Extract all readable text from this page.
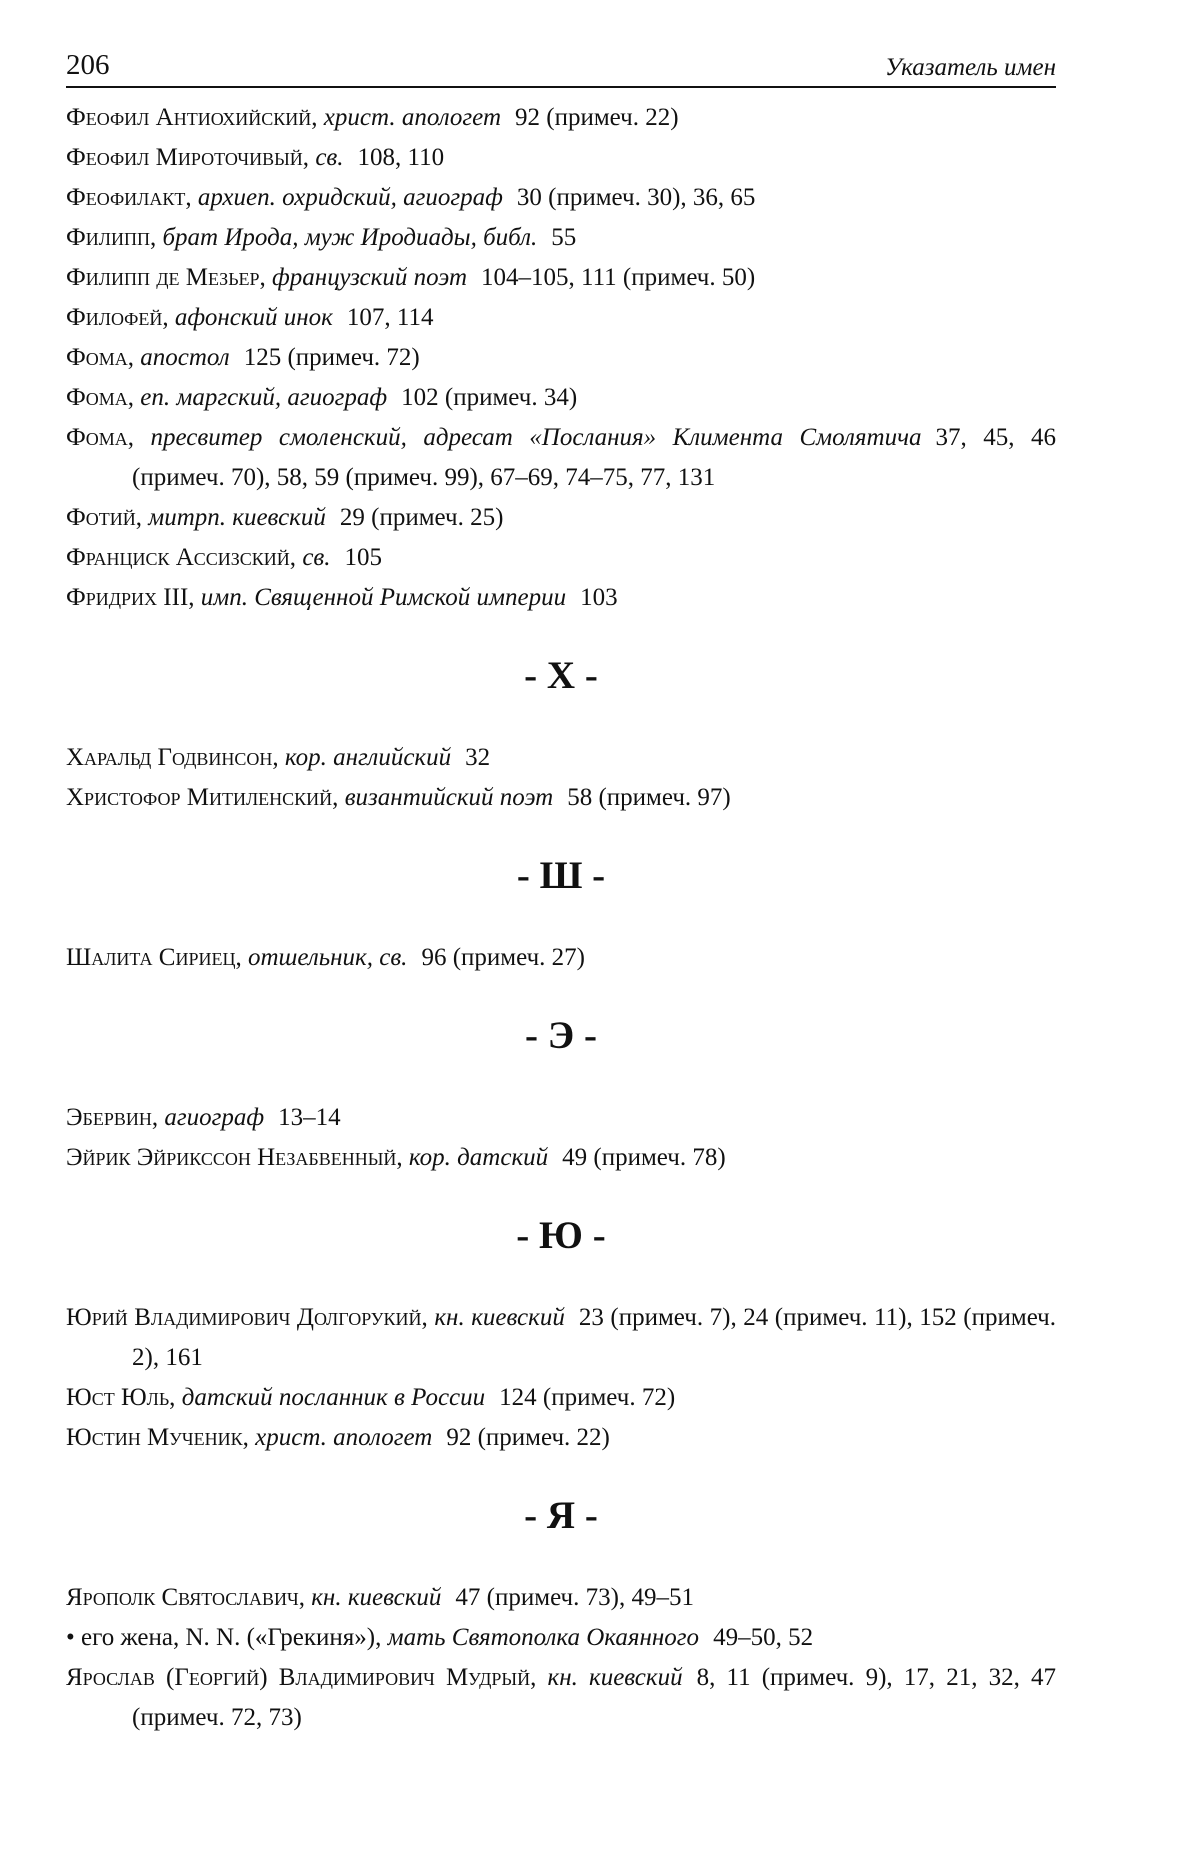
206	Указатель имен
Феофил Антиохийский, христ. апологет 92 (примеч. 22)
Феофил Мироточивый, св. 108, 110
Феофилакт, архиеп. охридский, агиограф 30 (примеч. 30), 36, 65
Филипп, брат Ирода, муж Иродиады, библ. 55
Филипп де Мезьер, французский поэт 104–105, 111 (примеч. 50)
Филофей, афонский инок 107, 114
Фома, апостол 125 (примеч. 72)
Фома, еп. маргский, агиограф 102 (примеч. 34)
Фома, пресвитер смоленский, адресат «Послания» Климента Смолятича 37, 45, 46 (примеч. 70), 58, 59 (примеч. 99), 67–69, 74–75, 77, 131
Фотий, митрп. киевский 29 (примеч. 25)
Франциск Ассизский, св. 105
Фридрих III, имп. Священной Римской империи 103
- Х -
Харальд Годвинсон, кор. английский 32
Христофор Митиленский, византийский поэт 58 (примеч. 97)
- Ш -
Шалита Сириец, отшельник, св. 96 (примеч. 27)
- Э -
Эбервин, агиограф 13–14
Эйрик Эйриксcон Незабвенный, кор. датский 49 (примеч. 78)
- Ю -
Юрий Владимирович Долгорукий, кн. киевский 23 (примеч. 7), 24 (примеч. 11), 152 (примеч. 2), 161
Юст Юль, датский посланник в России 124 (примеч. 72)
Юстин Мученик, христ. апологет 92 (примеч. 22)
- Я -
Ярополк Святославич, кн. киевский 47 (примеч. 73), 49–51
• его жена, N. N. («Грекиня»), мать Святополка Окаянного 49–50, 52
Ярослав (Георгий) Владимирович Мудрый, кн. киевский 8, 11 (примеч. 9), 17, 21, 32, 47 (примеч. 72, 73)
